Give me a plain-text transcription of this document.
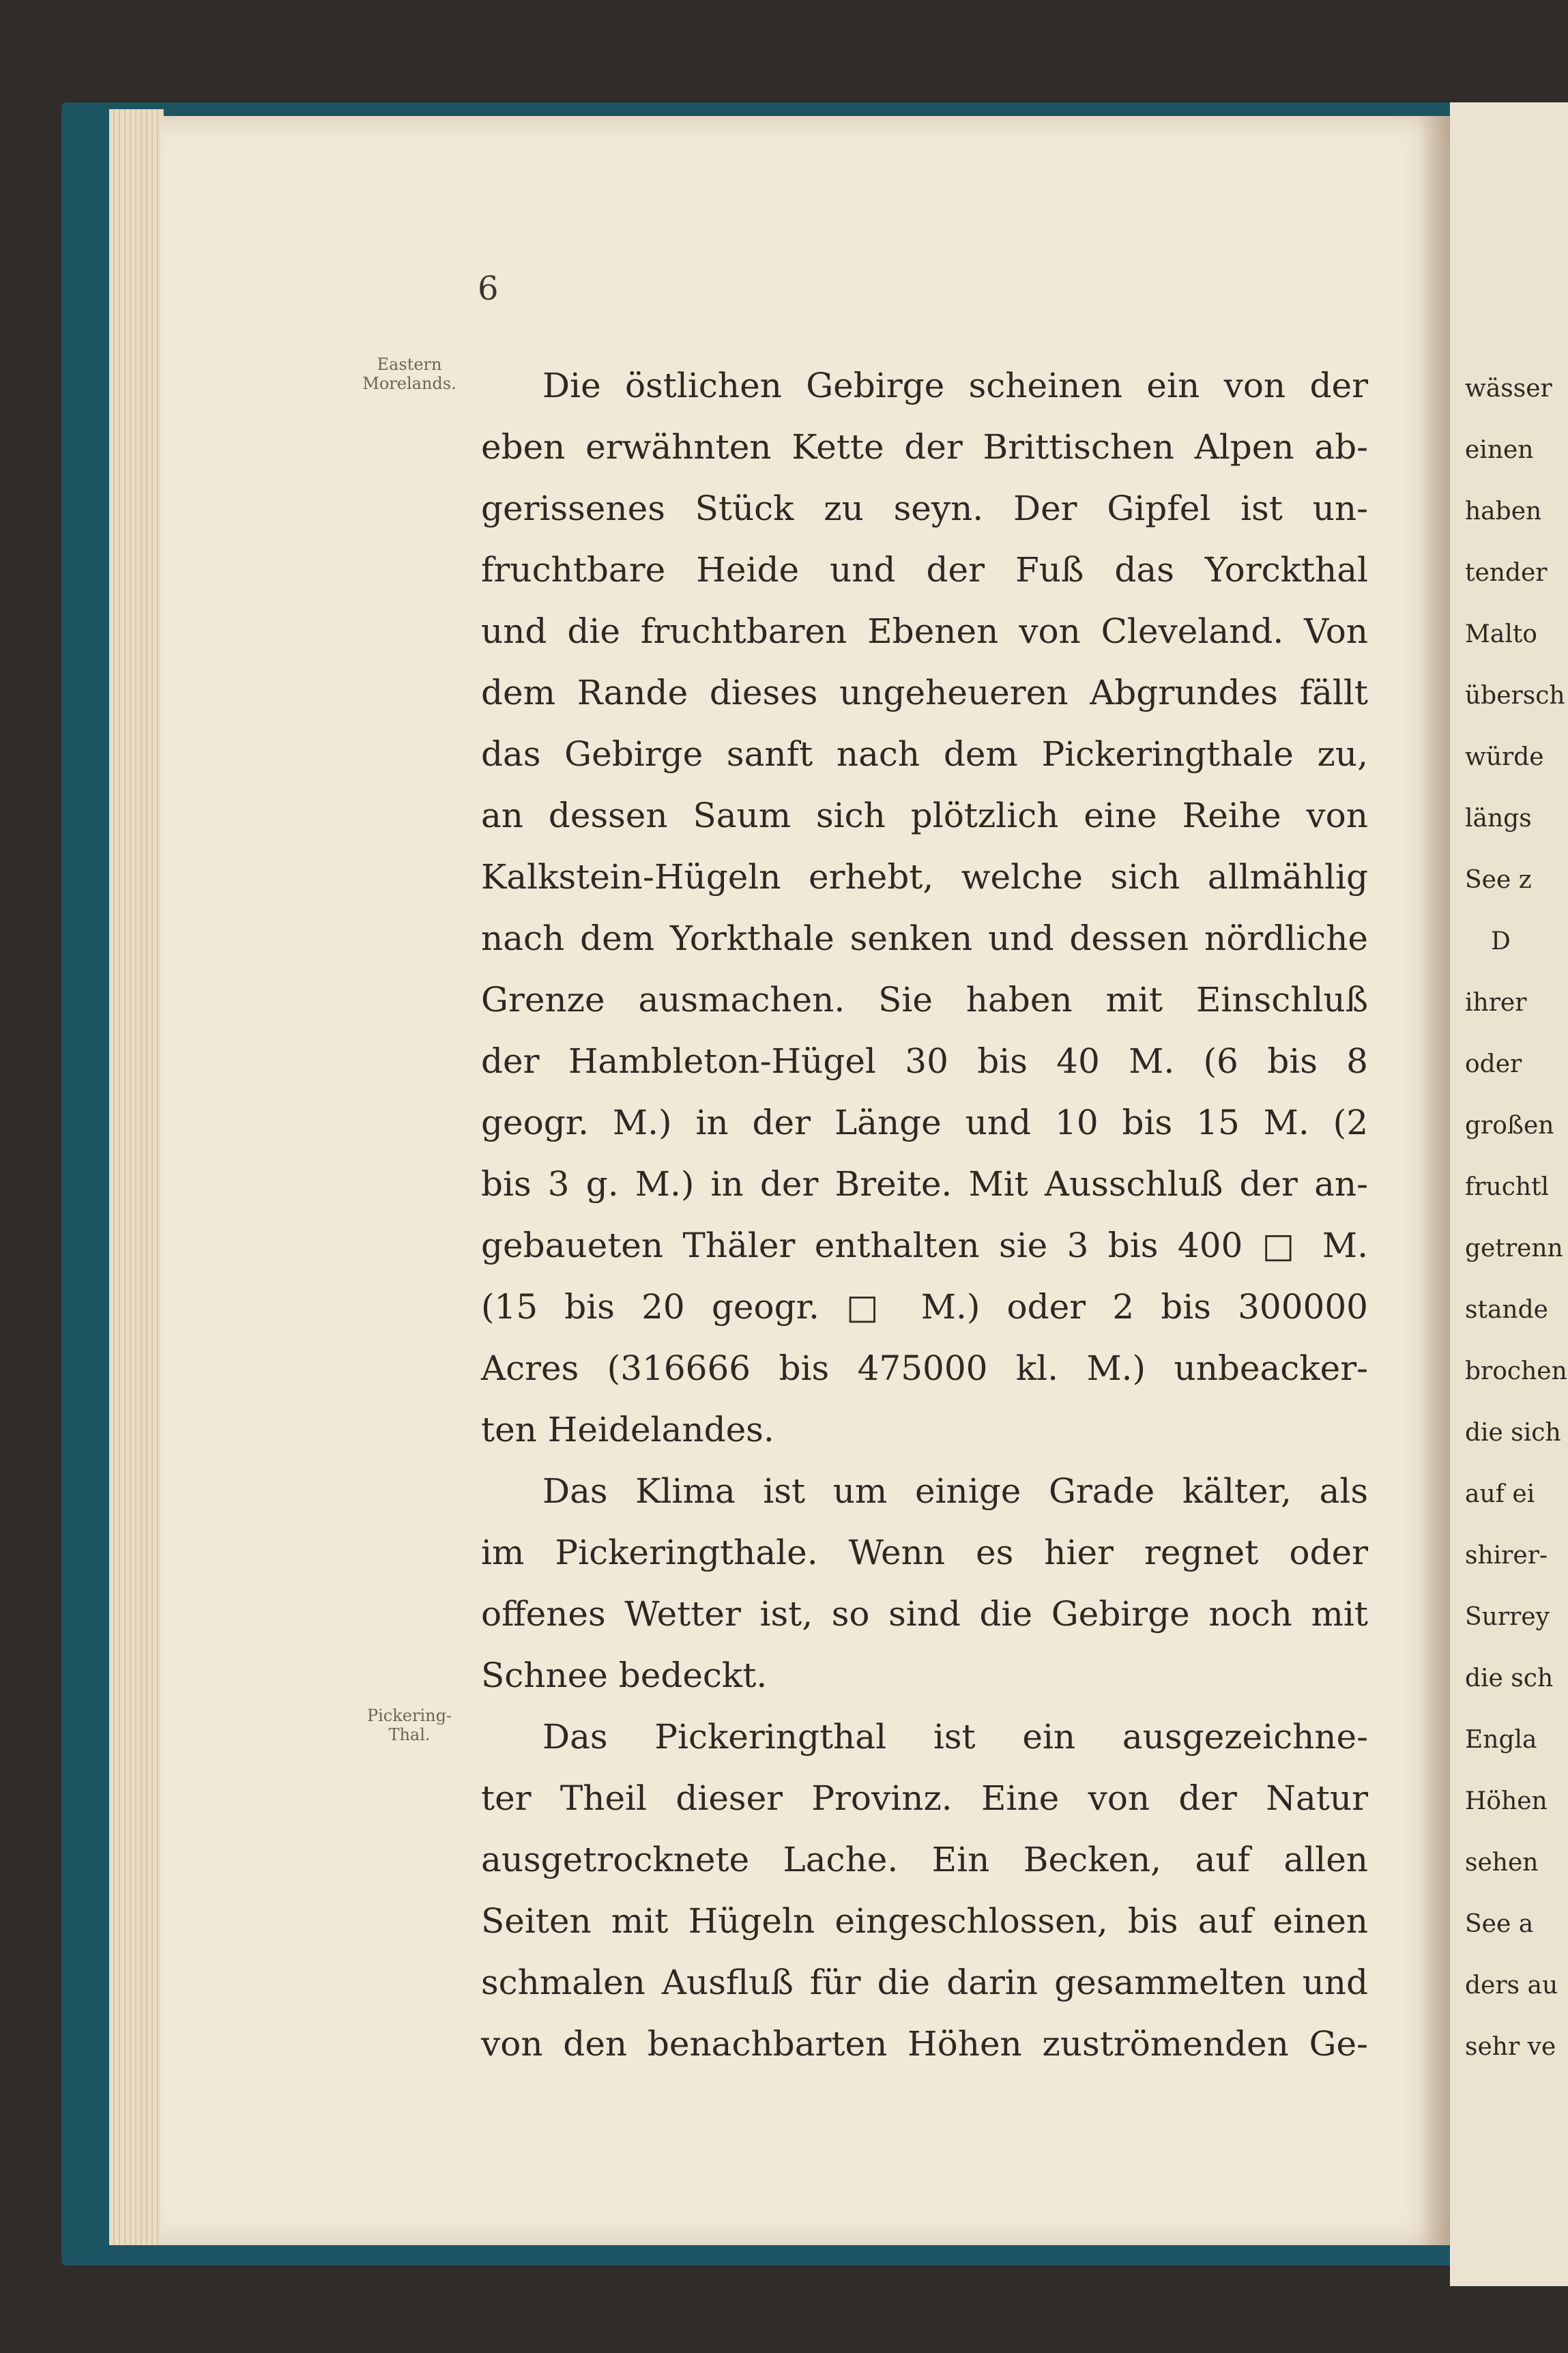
6
Eastern
Morelands.
Pickering-
Thal.
Die östlichen Gebirge scheinen ein von der
eben erwähnten Kette der Brittischen Alpen ab-
gerissenes Stück zu seyn. Der Gipfel ist un-
fruchtbare Heide und der Fuß das Yorckthal
und die fruchtbaren Ebenen von Cleveland. Von
dem Rande dieses ungeheueren Abgrundes fällt
das Gebirge sanft nach dem Pickeringthale zu,
an dessen Saum sich plötzlich eine Reihe von
Kalkstein-Hügeln erhebt, welche sich allmählig
nach dem Yorkthale senken und dessen nördliche
Grenze ausmachen. Sie haben mit Einschluß
der Hambleton-Hügel 30 bis 40 M. (6 bis 8
geogr. M.) in der Länge und 10 bis 15 M. (2
bis 3 g. M.) in der Breite. Mit Ausschluß der an-
gebaueten Thäler enthalten sie 3 bis 400 □ M.
(15 bis 20 geogr. □ M.) oder 2 bis 300000
Acres (316666 bis 475000 kl. M.) unbeacker-
ten Heidelandes.
Das Klima ist um einige Grade kälter, als
im Pickeringthale. Wenn es hier regnet oder
offenes Wetter ist, so sind die Gebirge noch mit
Schnee bedeckt.
Das Pickeringthal ist ein ausgezeichne-
ter Theil dieser Provinz. Eine von der Natur
ausgetrocknete Lache. Ein Becken, auf allen
Seiten mit Hügeln eingeschlossen, bis auf einen
schmalen Ausfluß für die darin gesammelten und
von den benachbarten Höhen zuströmenden Ge-
wässer
einen
haben
tender
Malto
übersch
würde
längs
See z
D
ihrer
oder
großen
fruchtl
getrenn
stande
brochen
die sich
auf ei
shirer-
Surrey
die sch
Engla
Höhen
sehen
See a
ders au
sehr ve
